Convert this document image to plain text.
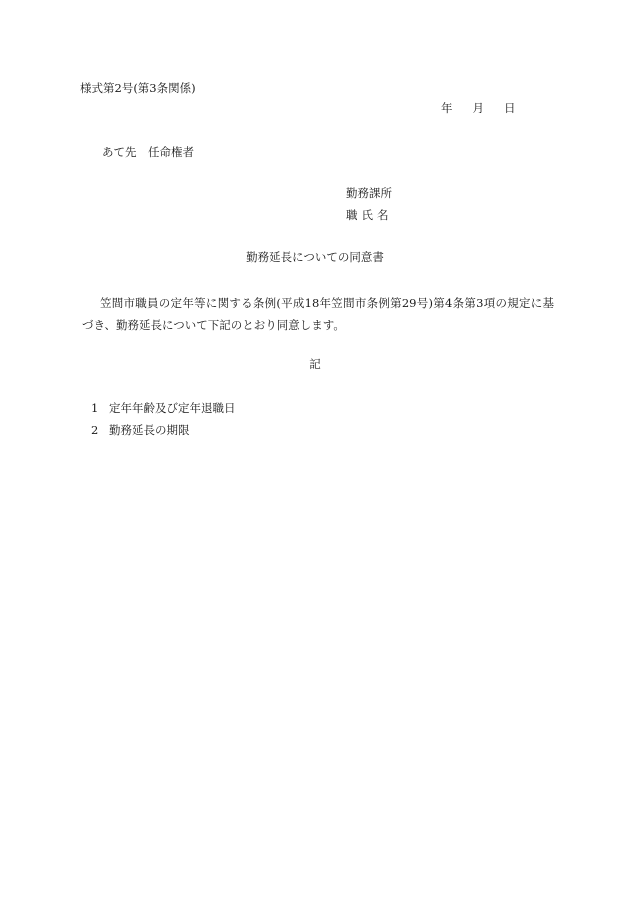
様式第2号(第3条関係)
年 月 日
あて先　任命権者
勤務課所
職氏名
勤務延長についての同意書
笠間市職員の定年等に関する条例(平成18年笠間市条例第29号)第4条第3項の規定に基づき、勤務延長について下記のとおり同意します。
記
1 定年年齢及び定年退職日
2 勤務延長の期限
